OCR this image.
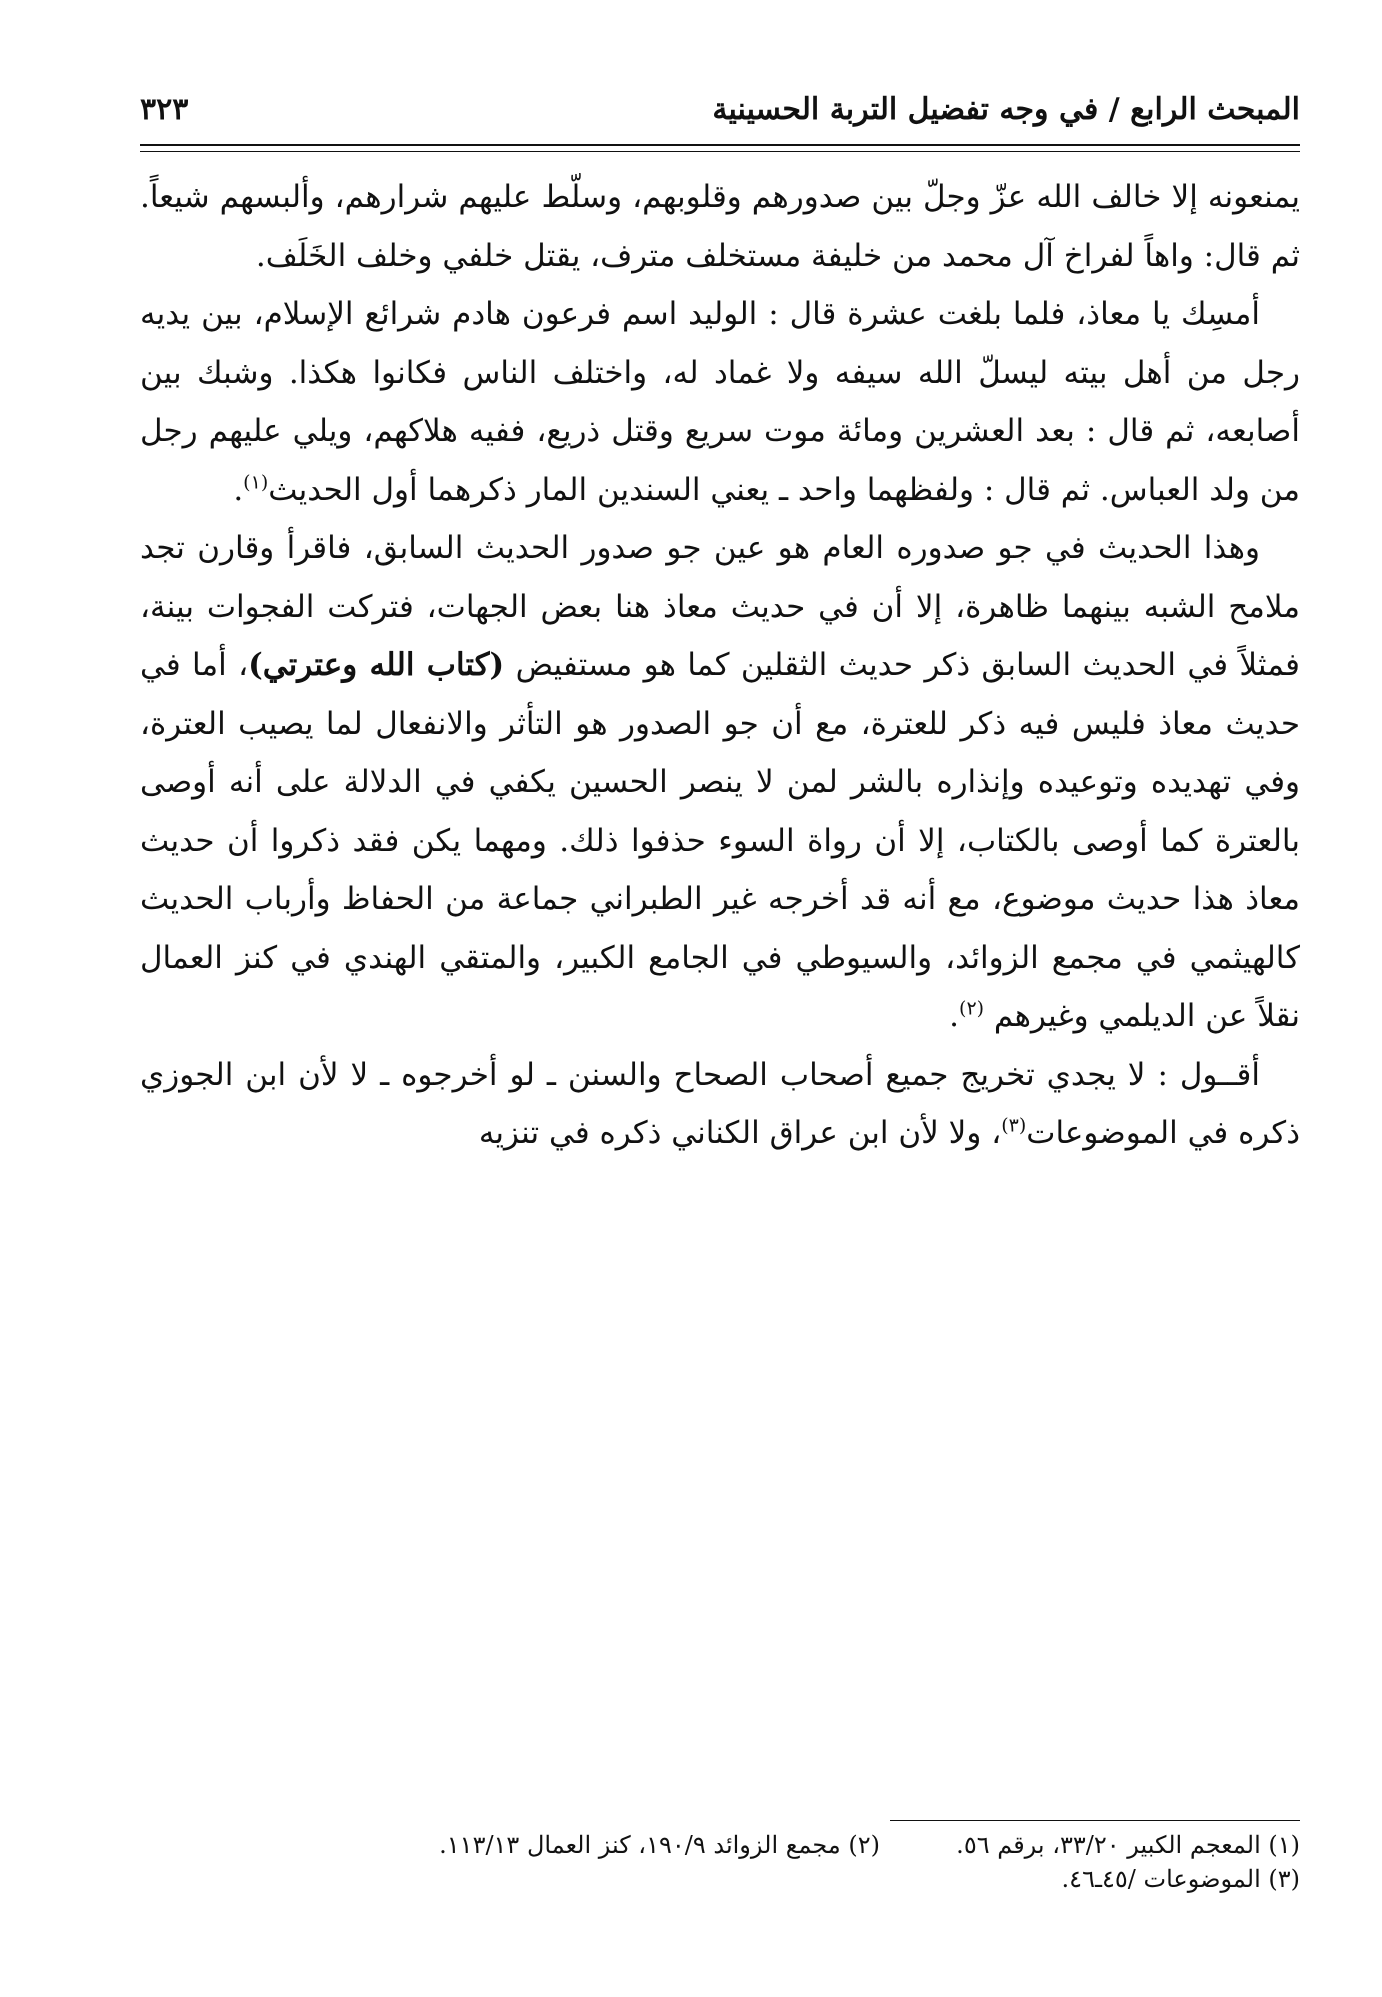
المبحث الرابع / في وجه تفضيل التربة الحسينية
٣٢٣

يمنعونه إلا خالف الله عزّ وجلّ بين صدورهم وقلوبهم، وسلّط عليهم شرارهم، وألبسهم شيعاً. ثم قال: واهاً لفراخ آل محمد من خليفة مستخلف مترف، يقتل خلفي وخلف الخَلَف.

أمسِك يا معاذ، فلما بلغت عشرة قال : الوليد اسم فرعون هادم شرائع الإسلام، بين يديه رجل من أهل بيته ليسلّ الله سيفه ولا غماد له، واختلف الناس فكانوا هكذا. وشبك بين أصابعه، ثم قال : بعد العشرين ومائة موت سريع وقتل ذريع، ففيه هلاكهم، ويلي عليهم رجل من ولد العباس. ثم قال : ولفظهما واحد ـ يعني السندين المار ذكرهما أول الحديث$^{(١)}$.

وهذا الحديث في جو صدوره العام هو عين جو صدور الحديث السابق، فاقرأ وقارن تجد ملامح الشبه بينهما ظاهرة، إلا أن في حديث معاذ هنا بعض الجهات، فتركت الفجوات بينة، فمثلاً في الحديث السابق ذكر حديث الثقلين كما هو مستفيض (كتاب الله وعترتي)، أما في حديث معاذ فليس فيه ذكر للعترة، مع أن جو الصدور هو التأثر والانفعال لما يصيب العترة، وفي تهديده وتوعيده وإنذاره بالشر لمن لا ينصر الحسين يكفي في الدلالة على أنه أوصى بالعترة كما أوصى بالكتاب، إلا أن رواة السوء حذفوا ذلك. ومهما يكن فقد ذكروا أن حديث معاذ هذا حديث موضوع، مع أنه قد أخرجه غير الطبراني جماعة من الحفاظ وأرباب الحديث كالهيثمي في مجمع الزوائد، والسيوطي في الجامع الكبير، والمتقي الهندي في كنز العمال نقلاً عن الديلمي وغيرهم $^{(٢)}$.

أقــول : لا يجدي تخريج جميع أصحاب الصحاح والسنن ـ لو أخرجوه ـ لا لأن ابن الجوزي ذكره في الموضوعات$^{(٣)}$، ولا لأن ابن عراق الكناني ذكره في تنزيه

(١) المعجم الكبير ٣٣/٢٠، برقم ٥٦.
(٢) مجمع الزوائد ١٩٠/٩، كنز العمال ١١٣/١٣.
(٣) الموضوعات /٤٥ـ٤٦.
